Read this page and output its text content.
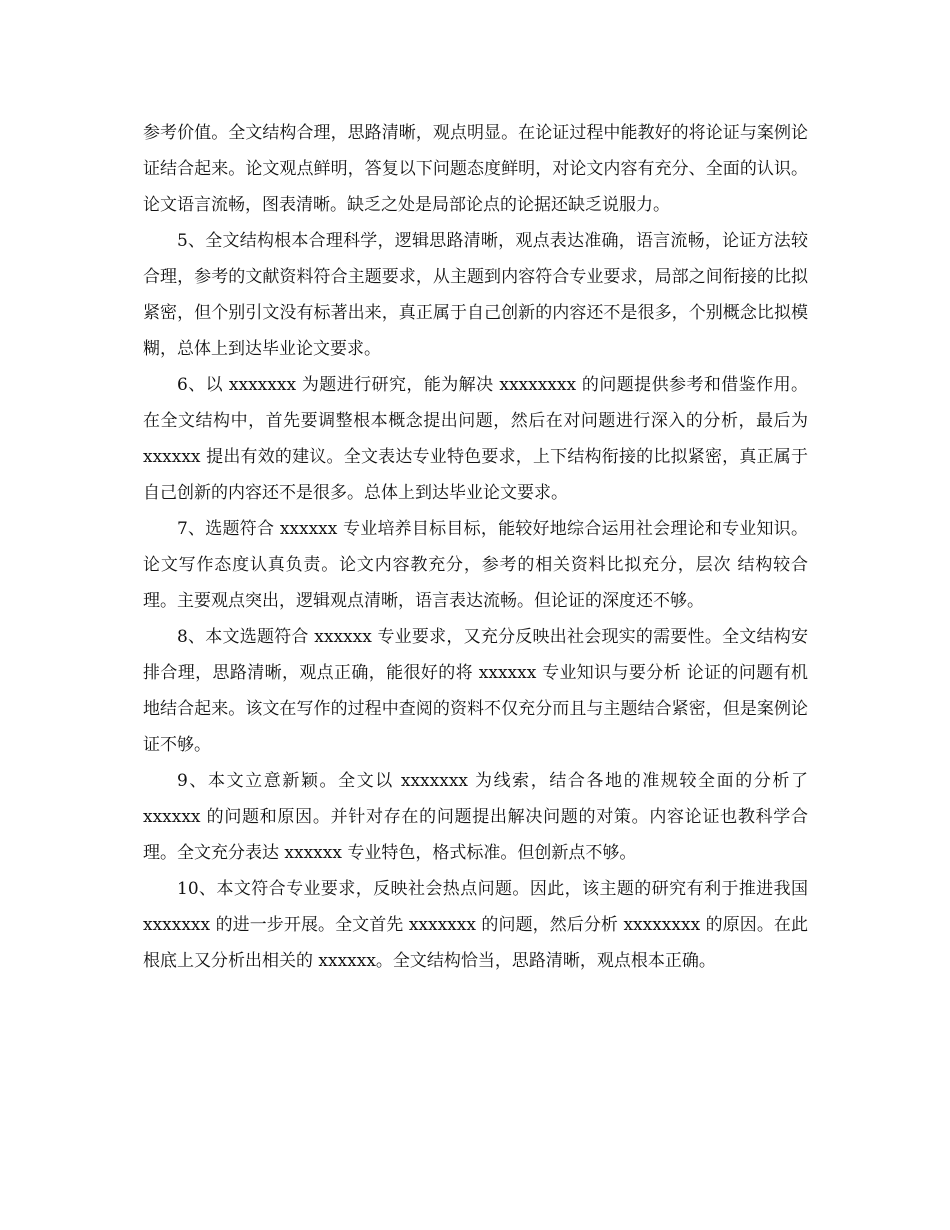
参考价值。全文结构合理，思路清晰，观点明显。在论证过程中能教好的将论证与案例论证结合起来。论文观点鲜明，答复以下问题态度鲜明，对论文内容有充分、全面的认识。论文语言流畅，图表清晰。缺乏之处是局部论点的论据还缺乏说服力。

5、全文结构根本合理科学，逻辑思路清晰，观点表达准确，语言流畅，论证方法较 合理，参考的文献资料符合主题要求，从主题到内容符合专业要求，局部之间衔接的比拟紧密，但个别引文没有标著出来，真正属于自己创新的内容还不是很多，个别概念比拟模糊，总体上到达毕业论文要求。

6、以 xxxxxxx 为题进行研究，能为解决 xxxxxxxx 的问题提供参考和借鉴作用。在全文结构中，首先要调整根本概念提出问题，然后在对问题进行深入的分析，最后为 xxxxxx 提出有效的建议。全文表达专业特色要求，上下结构衔接的比拟紧密，真正属于自己创新的内容还不是很多。总体上到达毕业论文要求。

7、选题符合 xxxxxx 专业培养目标目标，能较好地综合运用社会理论和专业知识。论文写作态度认真负责。论文内容教充分，参考的相关资料比拟充分，层次 结构较合理。主要观点突出，逻辑观点清晰，语言表达流畅。但论证的深度还不够。

8、本文选题符合 xxxxxx 专业要求，又充分反映出社会现实的需要性。全文结构安排合理，思路清晰，观点正确，能很好的将 xxxxxx 专业知识与要分析 论证的问题有机地结合起来。该文在写作的过程中查阅的资料不仅充分而且与主题结合紧密，但是案例论证不够。

9、本文立意新颖。全文以 xxxxxxx 为线索，结合各地的准规较全面的分析了 xxxxxx 的问题和原因。并针对存在的问题提出解决问题的对策。内容论证也教科学合理。全文充分表达 xxxxxx 专业特色，格式标准。但创新点不够。

10、本文符合专业要求，反映社会热点问题。因此，该主题的研究有利于推进我国 xxxxxxx 的进一步开展。全文首先 xxxxxxx 的问题，然后分析 xxxxxxxx 的原因。在此根底上又分析出相关的 xxxxxx。全文结构恰当，思路清晰，观点根本正确。
